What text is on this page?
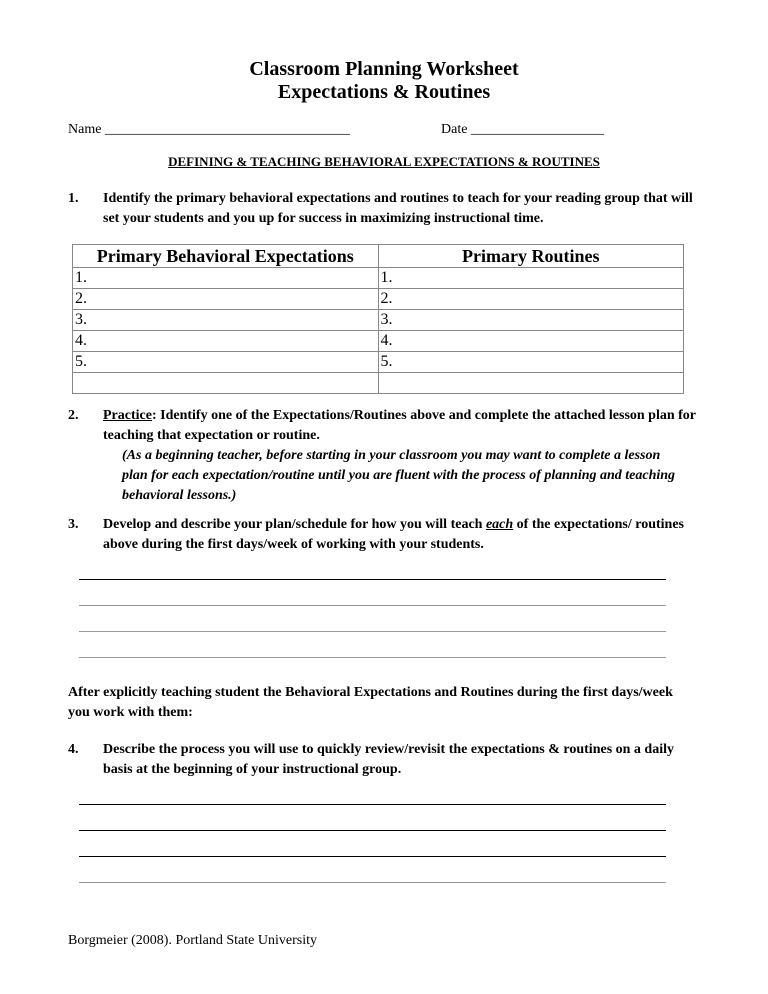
Classroom Planning Worksheet
Expectations & Routines
Name ___________________________________	Date ___________________
DEFINING & TEACHING BEHAVIORAL EXPECTATIONS & ROUTINES
1. Identify the primary behavioral expectations and routines to teach for your reading group that will set your students and you up for success in maximizing instructional time.
Primary Behavioral Expectations	Primary Routines
1.	1.
2.	2.
3.	3.
4.	4.
5.	5.

2. Practice: Identify one of the Expectations/Routines above and complete the attached lesson plan for teaching that expectation or routine.
(As a beginning teacher, before starting in your classroom you may want to complete a lesson plan for each expectation/routine until you are fluent with the process of planning and teaching behavioral lessons.)
3. Develop and describe your plan/schedule for how you will teach each of the expectations/ routines above during the first days/week of working with your students.
After explicitly teaching student the Behavioral Expectations and Routines during the first days/week you work with them:
4. Describe the process you will use to quickly review/revisit the expectations & routines on a daily basis at the beginning of your instructional group.
Borgmeier (2008). Portland State University
